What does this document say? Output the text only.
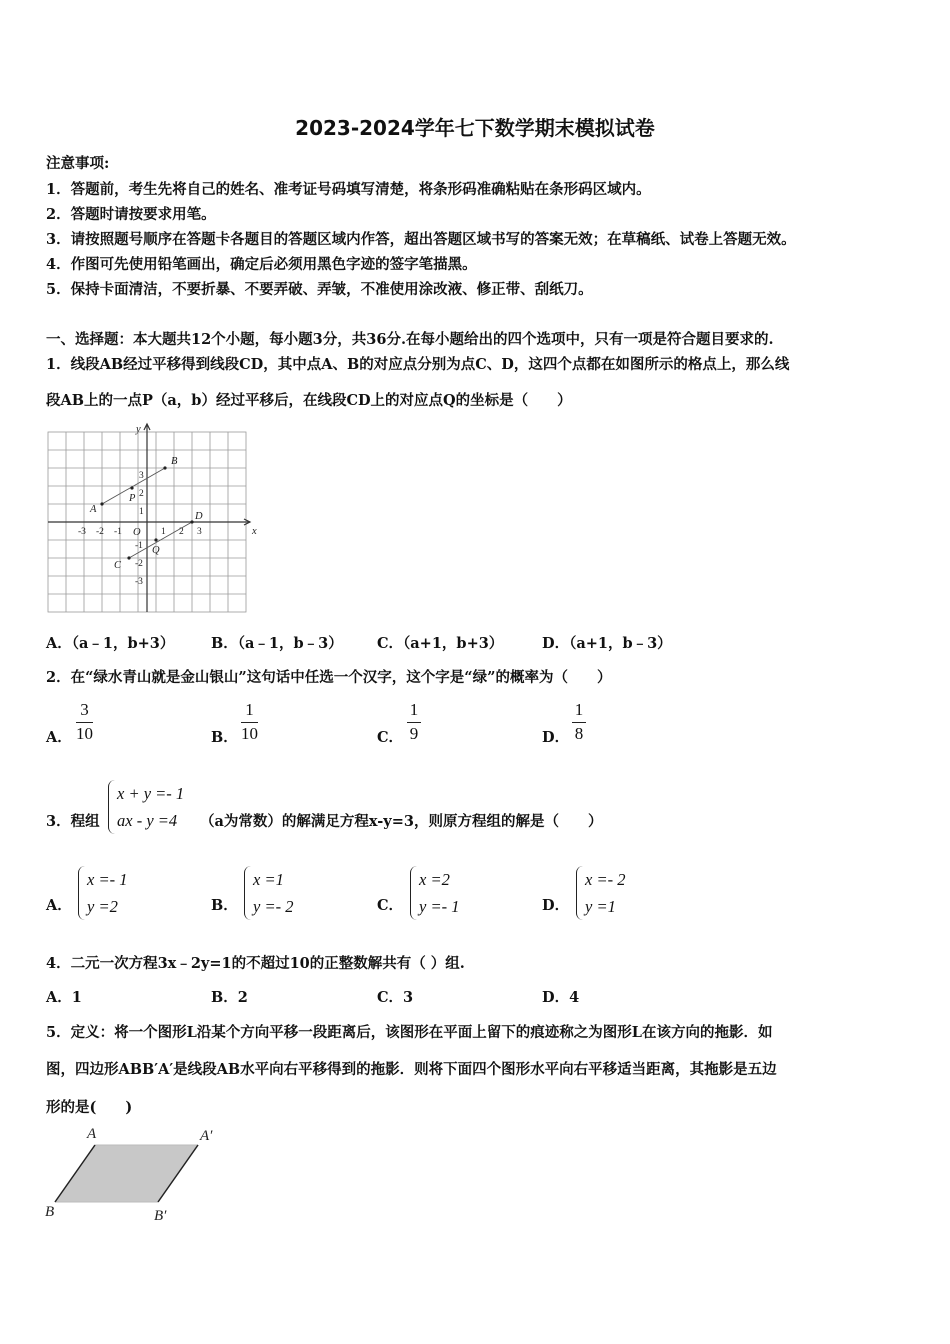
2023-2024学年七下数学期末模拟试卷
注意事项:
1．答题前，考生先将自己的姓名、准考证号码填写清楚，将条形码准确粘贴在条形码区域内。
2．答题时请按要求用笔。
3．请按照题号顺序在答题卡各题目的答题区域内作答，超出答题区域书写的答案无效；在草稿纸、试卷上答题无效。
4．作图可先使用铅笔画出，确定后必须用黑色字迹的签字笔描黑。
5．保持卡面清洁，不要折暴、不要弄破、弄皱，不准使用涂改液、修正带、刮纸刀。
一、选择题：本大题共12个小题，每小题3分，共36分.在每小题给出的四个选项中，只有一项是符合题目要求的.
1．线段AB经过平移得到线段CD，其中点A、B的对应点分别为点C、D，这四个点都在如图所示的格点上，那么线
段AB上的一点P（a，b）经过平移后，在线段CD上的对应点Q的坐标是（　　）
x
y
O
A
B
P
C
D
Q
-3 -2 -1	1 2 3
3
2
1
-1
-2
-3
A．（a﹣1，b+3）	B．（a﹣1，b﹣3） C．（a+1，b+3）	D．（a+1，b﹣3）
2．在“绿水青山就是金山银山”这句话中任选一个汉字，这个字是“绿”的概率为（　　）
A．
3
10	B．
1
10	C．
1
9	D．
1
8
3．程组
x + y =- 1
ax - y =4	（a为常数）的解满足方程x-y=3，则原方程组的解是（　　）
A．
x =- 1
y =2	B．
x =1
y =- 2	C．
x =2
y =- 1	D．
x =- 2
y =1
4．二元一次方程3x﹣2y=1的不超过10的正整数解共有（ ）组.
A．1	B．2	C．3	D．4
5．定义：将一个图形L沿某个方向平移一段距离后，该图形在平面上留下的痕迹称之为图形L在该方向的拖影．如
图，四边形ABB′A′是线段AB水平向右平移得到的拖影．则将下面四个图形水平向右平移适当距离，其拖影是五边
形的是(　　)
A	A′
B	B′
